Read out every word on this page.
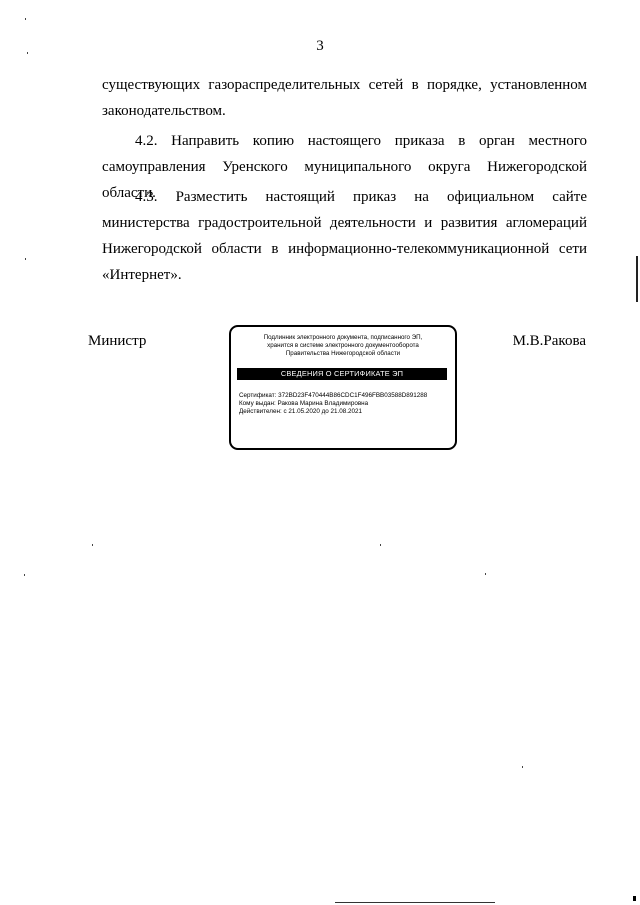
3
существующих газораспределительных сетей в порядке, установленном законодательством.
4.2. Направить копию настоящего приказа в орган местного самоуправления Уренского муниципального округа Нижегородской области.
4.3. Разместить настоящий приказ на официальном сайте министерства градостроительной деятельности и развития агломераций Нижегородской области в информационно-телекоммуникационной сети «Интернет».
Министр	Подлинник электронного документа, подписанного ЭП,
хранится в системе электронного документооборота
Правительства Нижегородской области
СВЕДЕНИЯ О СЕРТИФИКАТЕ ЭП
Сертификат: 372BD23F470444B86CDC1F496FBB03588D891288
Кому выдан: Ракова Марина Владимировна
Действителен: с 21.05.2020 до 21.08.2021
М.В.Ракова
